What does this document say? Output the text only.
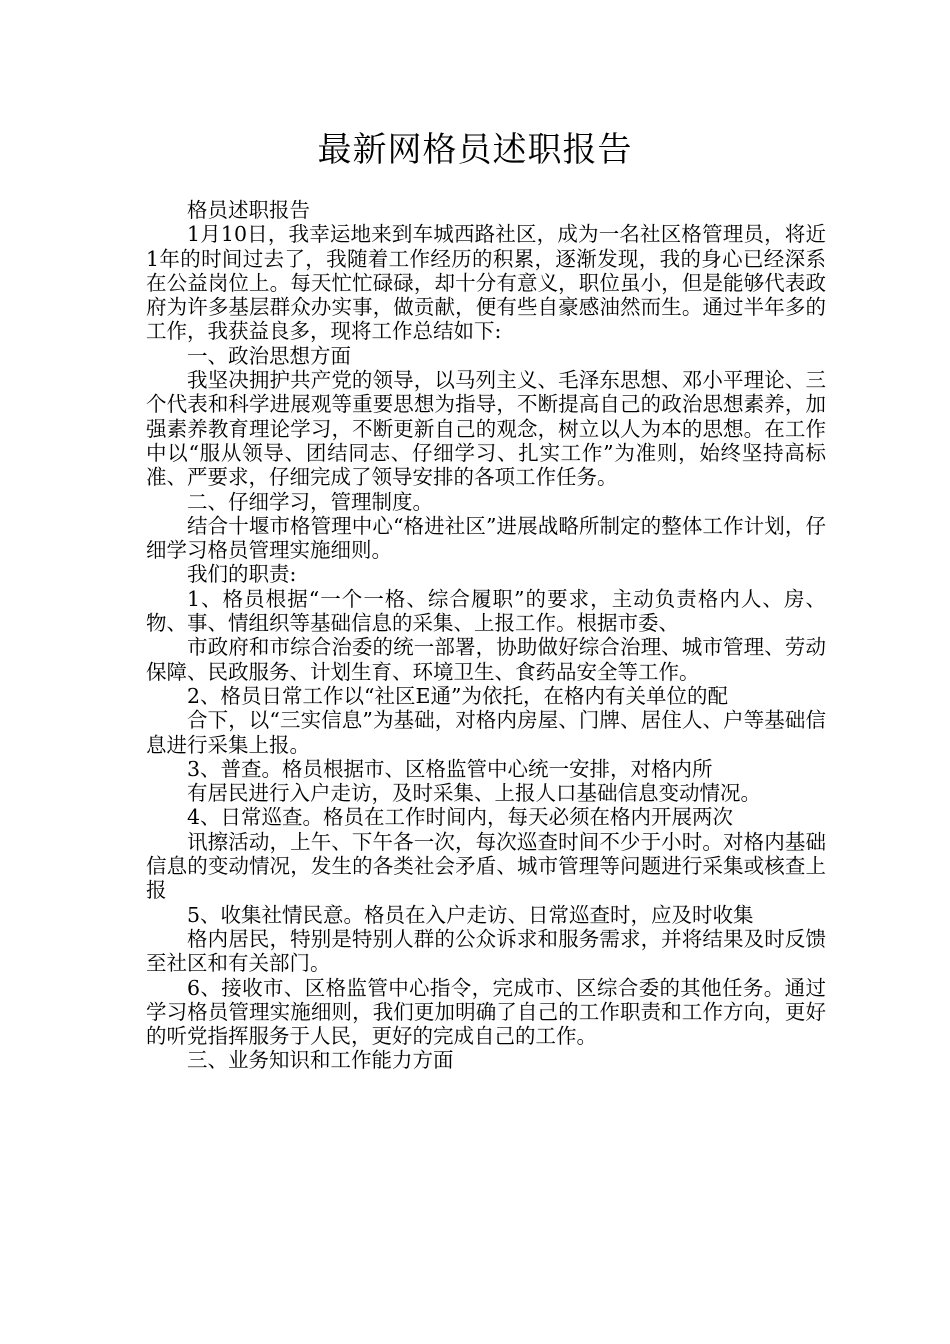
最新网格员述职报告

格员述职报告

1月10日，我幸运地来到车城西路社区，成为一名社区格管理员，将近1年的时间过去了，我随着工作经历的积累，逐渐发现，我的身心已经深系在公益岗位上。每天忙忙碌碌，却十分有意义，职位虽小，但是能够代表政府为许多基层群众办实事，做贡献，便有些自豪感油然而生。通过半年多的工作，我获益良多，现将工作总结如下:

一、政治思想方面

我坚决拥护共产党的领导，以马列主义、毛泽东思想、邓小平理论、三个代表和科学进展观等重要思想为指导，不断提高自己的政治思想素养，加强素养教育理论学习，不断更新自己的观念，树立以人为本的思想。在工作中以“服从领导、团结同志、仔细学习、扎实工作”为准则，始终坚持高标准、严要求，仔细完成了领导安排的各项工作任务。

二、仔细学习，管理制度。

结合十堰市格管理中心“格进社区”进展战略所制定的整体工作计划，仔细学习格员管理实施细则。

我们的职责:

1、格员根据“一个一格、综合履职”的要求，主动负责格内人、房、物、事、情组织等基础信息的采集、上报工作。根据市委、

市政府和市综合治委的统一部署，协助做好综合治理、城市管理、劳动保障、民政服务、计划生育、环境卫生、食药品安全等工作。

2、格员日常工作以“社区E通”为依托，在格内有关单位的配

合下，以“三实信息”为基础，对格内房屋、门牌、居住人、户等基础信息进行采集上报。

3、普查。格员根据市、区格监管中心统一安排，对格内所

有居民进行入户走访，及时采集、上报人口基础信息变动情况。

4、日常巡查。格员在工作时间内，每天必须在格内开展两次

讯擦活动，上午、下午各一次，每次巡查时间不少于小时。对格内基础信息的变动情况，发生的各类社会矛盾、城市管理等问题进行采集或核查上报

5、收集社情民意。格员在入户走访、日常巡查时，应及时收集

格内居民，特别是特别人群的公众诉求和服务需求，并将结果及时反馈至社区和有关部门。

6、接收市、区格监管中心指令，完成市、区综合委的其他任务。通过学习格员管理实施细则，我们更加明确了自己的工作职责和工作方向，更好的听党指挥服务于人民，更好的完成自己的工作。

三、业务知识和工作能力方面
